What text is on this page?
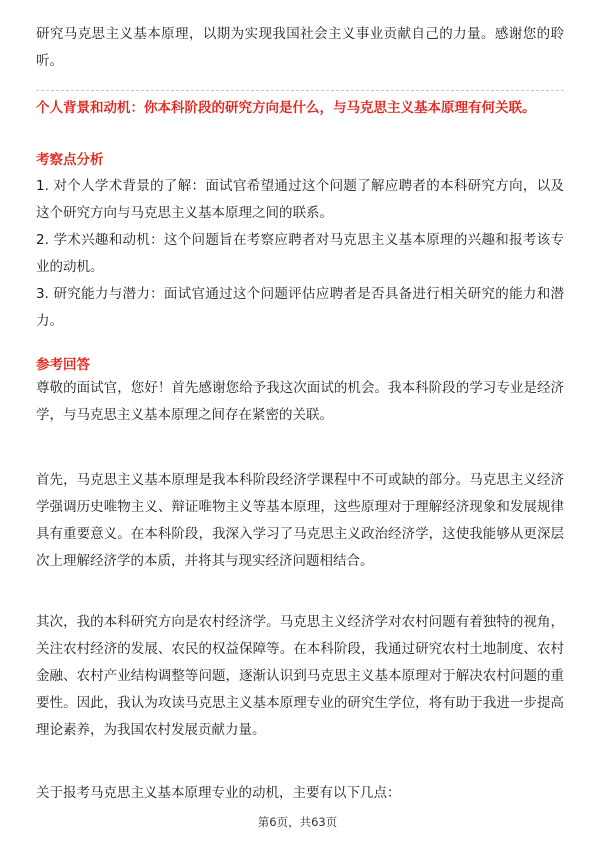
研究马克思主义基本原理，以期为实现我国社会主义事业贡献自己的力量。感谢您的聆听。

个人背景和动机：你本科阶段的研究方向是什么，与马克思主义基本原理有何关联。

考察点分析

1. 对个人学术背景的了解：面试官希望通过这个问题了解应聘者的本科研究方向，以及这个研究方向与马克思主义基本原理之间的联系。

2. 学术兴趣和动机：这个问题旨在考察应聘者对马克思主义基本原理的兴趣和报考该专业的动机。

3. 研究能力与潜力：面试官通过这个问题评估应聘者是否具备进行相关研究的能力和潜力。

参考回答

尊敬的面试官，您好！首先感谢您给予我这次面试的机会。我本科阶段的学习专业是经济学，与马克思主义基本原理之间存在紧密的关联。

首先，马克思主义基本原理是我本科阶段经济学课程中不可或缺的部分。马克思主义经济学强调历史唯物主义、辩证唯物主义等基本原理，这些原理对于理解经济现象和发展规律具有重要意义。在本科阶段，我深入学习了马克思主义政治经济学，这使我能够从更深层次上理解经济学的本质，并将其与现实经济问题相结合。

其次，我的本科研究方向是农村经济学。马克思主义经济学对农村问题有着独特的视角，关注农村经济的发展、农民的权益保障等。在本科阶段，我通过研究农村土地制度、农村金融、农村产业结构调整等问题，逐渐认识到马克思主义基本原理对于解决农村问题的重要性。因此，我认为攻读马克思主义基本原理专业的研究生学位，将有助于我进一步提高理论素养，为我国农村发展贡献力量。

关于报考马克思主义基本原理专业的动机，主要有以下几点：

第6页，共63页
